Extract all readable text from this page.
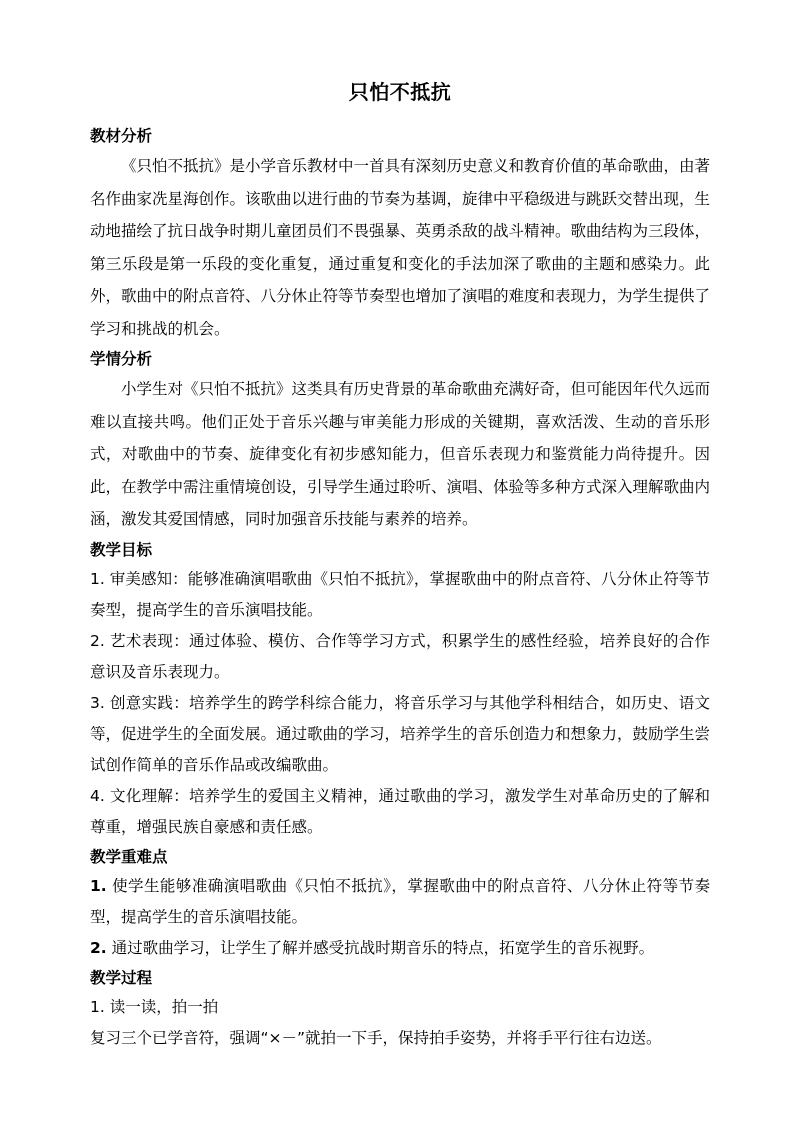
只怕不抵抗

教材分析

《只怕不抵抗》是小学音乐教材中一首具有深刻历史意义和教育价值的革命歌曲，由著名作曲家冼星海创作。该歌曲以进行曲的节奏为基调，旋律中平稳级进与跳跃交替出现，生动地描绘了抗日战争时期儿童团员们不畏强暴、英勇杀敌的战斗精神。歌曲结构为三段体，第三乐段是第一乐段的变化重复，通过重复和变化的手法加深了歌曲的主题和感染力。此外，歌曲中的附点音符、八分休止符等节奏型也增加了演唱的难度和表现力，为学生提供了学习和挑战的机会。

学情分析

小学生对《只怕不抵抗》这类具有历史背景的革命歌曲充满好奇，但可能因年代久远而难以直接共鸣。他们正处于音乐兴趣与审美能力形成的关键期，喜欢活泼、生动的音乐形式，对歌曲中的节奏、旋律变化有初步感知能力，但音乐表现力和鉴赏能力尚待提升。因此，在教学中需注重情境创设，引导学生通过聆听、演唱、体验等多种方式深入理解歌曲内涵，激发其爱国情感，同时加强音乐技能与素养的培养。

教学目标

1. 审美感知：能够准确演唱歌曲《只怕不抵抗》，掌握歌曲中的附点音符、八分休止符等节奏型，提高学生的音乐演唱技能。

2. 艺术表现：通过体验、模仿、合作等学习方式，积累学生的感性经验，培养良好的合作意识及音乐表现力。

3. 创意实践：培养学生的跨学科综合能力，将音乐学习与其他学科相结合，如历史、语文等，促进学生的全面发展。通过歌曲的学习，培养学生的音乐创造力和想象力，鼓励学生尝试创作简单的音乐作品或改编歌曲。

4. 文化理解：培养学生的爱国主义精神，通过歌曲的学习，激发学生对革命历史的了解和尊重，增强民族自豪感和责任感。

教学重难点

1. 使学生能够准确演唱歌曲《只怕不抵抗》，掌握歌曲中的附点音符、八分休止符等节奏型，提高学生的音乐演唱技能。

2. 通过歌曲学习，让学生了解并感受抗战时期音乐的特点，拓宽学生的音乐视野。

教学过程

1. 读一读，拍一拍

复习三个已学音符，强调“×－”就拍一下手，保持拍手姿势，并将手平行往右边送。
